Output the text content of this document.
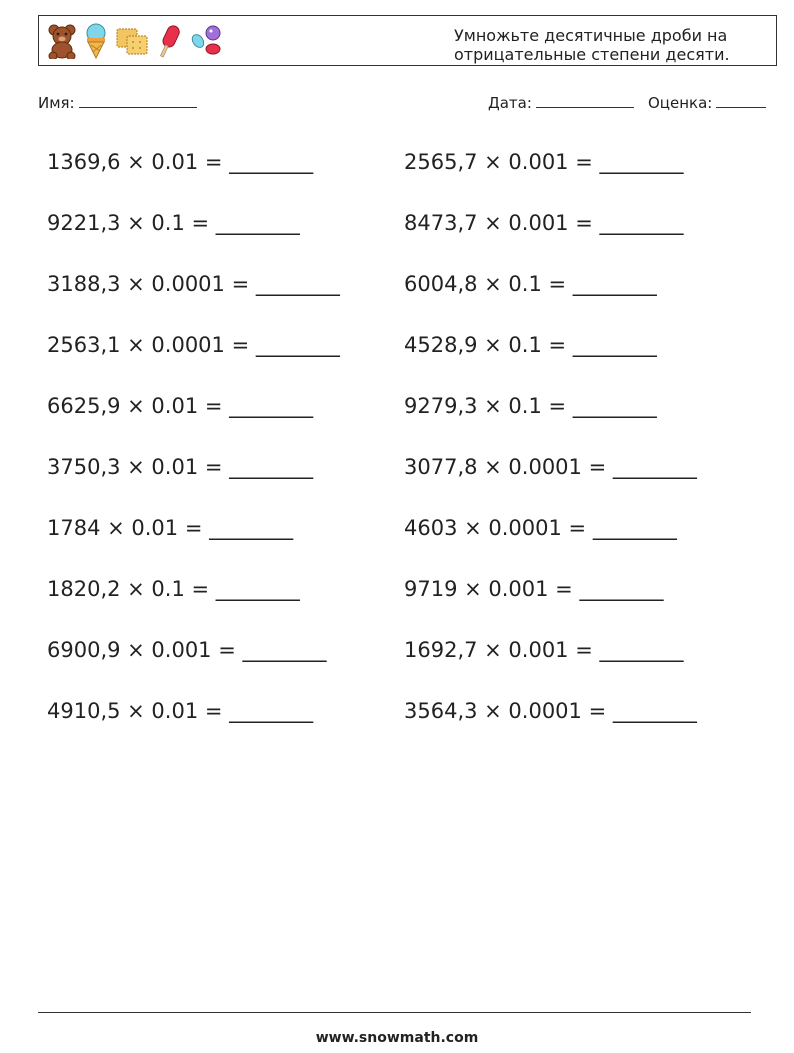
Умножьте десятичные дроби на
отрицательные степени десяти.
Имя:	Дата:	Оценка:
1369,6 × 0.01 = ________
9221,3 × 0.1 = ________
3188,3 × 0.0001 = ________
2563,1 × 0.0001 = ________
6625,9 × 0.01 = ________
3750,3 × 0.01 = ________
1784 × 0.01 = ________
1820,2 × 0.1 = ________
6900,9 × 0.001 = ________
4910,5 × 0.01 = ________
2565,7 × 0.001 = ________
8473,7 × 0.001 = ________
6004,8 × 0.1 = ________
4528,9 × 0.1 = ________
9279,3 × 0.1 = ________
3077,8 × 0.0001 = ________
4603 × 0.0001 = ________
9719 × 0.001 = ________
1692,7 × 0.001 = ________
3564,3 × 0.0001 = ________
www.snowmath.com
